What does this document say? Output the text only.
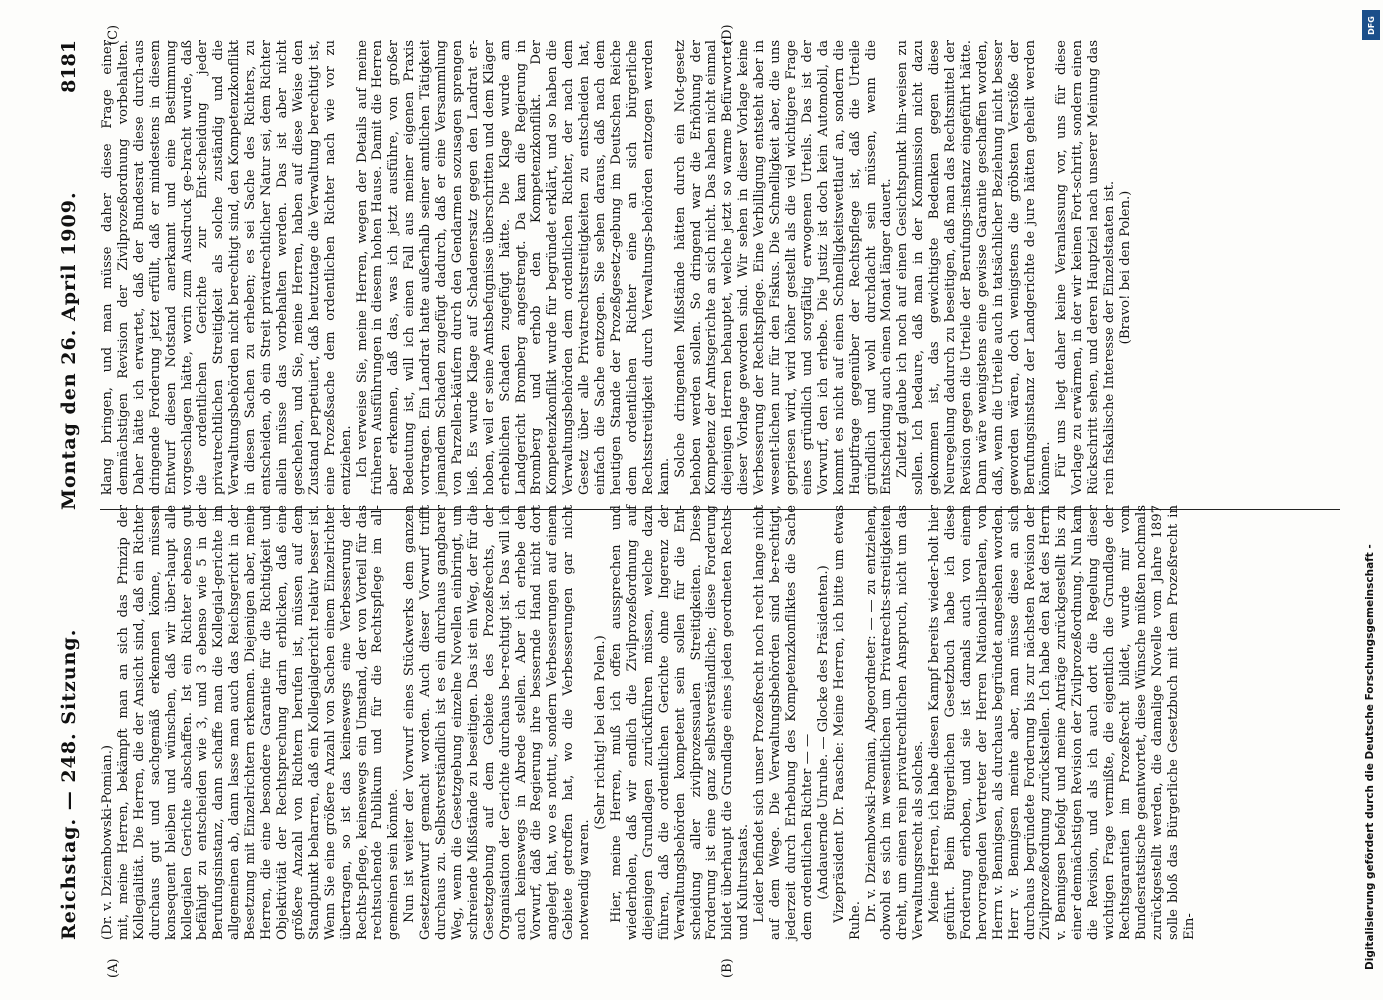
Reichstag. — 248. Sitzung.
Montag den 26. April 1909.
8181
(A)	(B)
(C)	(D)

(Dr. v. Dziembowski-Pomian.) mit, meine Herren, bekämpft man an sich das Prinzip der Kollegialität. Die Herren, die der Ansicht sind, daß ein Richter durchaus gut und sachgemäß erkennen könne, müssen konsequent bleiben und wünschen, daß wir über-haupt alle kollegialen Gerichte abschaffen. Ist ein Richter ebenso gut befähigt zu entscheiden wie 3, und 3 ebenso wie 5 in der Berufungsinstanz, dann schaffe man die Kollegial-gerichte im allgemeinen ab, dann lasse man auch das Reichsgericht in der Besetzung mit Einzelrichtern erkennen. Diejenigen aber, meine Herren, die eine besondere Garantie für die Richtigkeit und Objektivität der Rechtsprechung darin erblicken, daß eine größere Anzahl von Richtern berufen ist, müssen auf dem Standpunkt beharren, daß ein Kollegialgericht relativ besser ist. Wenn Sie eine größere Anzahl von Sachen einem Einzelrichter übertragen, so ist das keineswegs eine Verbesserung der Rechts-pflege, keineswegs ein Umstand, der von Vorteil für das rechtsuchende Publikum und für die Rechtspflege im all-gemeinen sein könnte. Nun ist weiter der Vorwurf eines Stückwerks dem ganzen Gesetzentwurf gemacht worden. Auch dieser Vorwurf trifft durchaus zu. Selbstverständlich ist es ein durchaus gangbarer Weg, wenn die Gesetzgebung einzelne Novellen einbringt, um schreiende Mißstände zu beseitigen. Das ist ein Weg, der für die Gesetzgebung auf dem Gebiete des Prozeßrechts, der Organisation der Gerichte durchaus be-rechtigt ist. Das will ich auch keineswegs in Abrede stellen. Aber ich erhebe den Vorwurf, daß die Regierung ihre bessernde Hand nicht dort angelegt hat, wo es nottut, sondern Verbesserungen auf einem Gebiete getroffen hat, wo die Verbesserungen gar nicht notwendig waren.

(Sehr richtig! bei den Polen.) Hier, meine Herren, muß ich offen aussprechen und wiederholen, daß wir endlich die Zivilprozeßordnung auf diejenigen Grundlagen zurückführen müssen, welche dazu führen, daß die ordentlichen Gerichte ohne Ingerenz der Verwaltungsbehörden kompetent sein sollen für die Ent-scheidung aller zivilprozessualen Streitigkeiten. Diese Forderung ist eine ganz selbstverständliche; diese Forderung bildet überhaupt die Grundlage eines jeden geordneten Rechts- und Kulturstaats. Leider befindet sich unser Prozeßrecht noch recht lange nicht auf dem Wege. Die Verwaltungsbehörden sind be-rechtigt, jederzeit durch Erhebung des Kompetenzkonfliktes die Sache dem ordentlichen Richter — — (Andauernde Unruhe. — Glocke des Präsidenten.) Vizepräsident Dr. Paasche: Meine Herren, ich bitte um etwas Ruhe. Dr. v. Dziembowski-Pomian, Abgeordneter: — — zu entziehen, obwohl es sich im wesentlichen um Privatrechts-streitigkeiten dreht, um einen rein privatrechtlichen Anspruch, nicht um das Verwaltungsrecht als solches. Meine Herren, ich habe diesen Kampf bereits wieder-holt hier geführt. Beim Bürgerlichen Gesetzbuch habe ich diese Forderung erhoben, und sie ist damals auch von einem hervorragenden Vertreter der Herren National-liberalen, von Herrn v. Bennigsen, als durchaus begründet angesehen worden. Herr v. Bennigsen meinte aber, man müsse diese an sich durchaus begründete Forderung bis zur nächsten Revision der Zivilprozeßordnung zurückstellen. Ich habe den Rat des Herrn v. Bennigsen befolgt und meine Anträge zurückgestellt bis zu einer demnächstigen Revision der Zivilprozeßordnung. Nun kam die Revision, und als ich auch dort die Regelung dieser wichtigen Frage vermißte, die eigentlich die Grundlage der Rechtsgarantien im Prozeßrecht bildet, wurde mir vom Bundesratstische geantwortet, diese Wünsche müßten nochmals zurückgestellt werden, die damalige Novelle vom Jahre 1897 solle bloß das Bürgerliche Gesetzbuch mit dem Prozeßrecht in Ein-

klang bringen, und man müsse daher diese Frage einer demnächstigen Revision der Zivilprozeßordnung vorbehalten. Daher hätte ich erwartet, daß der Bundesrat diese durch-aus dringende Forderung jetzt erfüllt, daß er mindestens in diesem Entwurf diesen Notstand anerkannt und eine Bestimmung vorgeschlagen hätte, worin zum Ausdruck ge-bracht wurde, daß die ordentlichen Gerichte zur Ent-scheidung jeder privatrechtlichen Streitigkeit als solche zuständig und die Verwaltungsbehörden nicht berechtigt sind, den Kompetenzkonflikt in diesen Sachen zu erheben; es sei Sache des Richters, zu entscheiden, ob ein Streit privatrechtlicher Natur sei, dem Richter allein müsse das vorbehalten werden. Das ist aber nicht geschehen, und Sie, meine Herren, haben auf diese Weise den Zustand perpetuiert, daß heutzutage die Verwaltung berechtigt ist, eine Prozeßsache dem ordentlichen Richter nach wie vor zu entziehen. Ich verweise Sie, meine Herren, wegen der Details auf meine früheren Ausführungen in diesem hohen Hause. Damit die Herren aber erkennen, daß das, was ich jetzt ausführe, von großer Bedeutung ist, will ich einen Fall aus meiner eigenen Praxis vortragen. Ein Landrat hatte außerhalb seiner amtlichen Tätigkeit jemandem Schaden zugefügt dadurch, daß er eine Versammlung von Parzellen-käufern durch den Gendarmen sozusagen sprengen ließ. Es wurde Klage auf Schadenersatz gegen den Landrat er-hoben, weil er seine Amtsbefugnisse überschritten und dem Kläger erheblichen Schaden zugefügt hätte. Die Klage wurde am Landgericht Bromberg angestrengt. Da kam die Regierung in Bromberg und erhob den Kompetenzkonflikt. Der Kompetenzkonflikt wurde für begründet erklärt, und so haben die Verwaltungsbehörden dem ordentlichen Richter, der nach dem Gesetz über alle Privatrechtsstreitigkeiten zu entscheiden hat, einfach die Sache entzogen. Sie sehen daraus, daß nach dem heutigen Stande der Prozeßgesetz-gebung im Deutschen Reiche dem ordentlichen Richter eine an sich bürgerliche Rechtsstreitigkeit durch Verwaltungs-behörden entzogen werden kann. Solche dringenden Mißstände hätten durch ein Not-gesetz behoben werden sollen. So dringend war die Erhöhung der Kompetenz der Amtsgerichte an sich nicht. Das haben nicht einmal diejenigen Herren behauptet, welche jetzt so warme Befürworter dieser Vorlage geworden sind. Wir sehen in dieser Vorlage keine Verbesserung der Rechtspflege. Eine Verbilligung entsteht aber in wesent-lichen nur für den Fiskus. Die Schnelligkeit aber, die uns gepriesen wird, wird höher gestellt als die viel wichtigere Frage eines gründlich und sorgfältig erwogenen Urteils. Das ist der Vorwurf, den ich erhebe. Die Justiz ist doch kein Automobil, da kommt es nicht auf einen Schnelligkeitswettlauf an, sondern die Hauptfrage gegenüber der Rechtspflege ist, daß die Urteile gründlich und wohl durchdacht sein müssen, wenn die Entscheidung auch einen Monat länger dauert. Zuletzt glaube ich noch auf einen Gesichtspunkt hin-weisen zu sollen. Ich bedaure, daß man in der Kommission nicht dazu gekommen ist, das gewichtigste Bedenken gegen diese Neuregelung dadurch zu beseitigen, daß man das Rechtsmittel der Revision gegen die Urteile der Berufungs-instanz eingeführt hätte. Dann wäre wenigstens eine gewisse Garantie geschaffen worden, daß, wenn die Urteile auch in tatsächlicher Beziehung nicht besser geworden wären, doch wenigstens die gröbsten Verstöße der Berufungsinstanz der Landgerichte de jure hätten geheilt werden können. Für uns liegt daher keine Veranlassung vor, uns für diese Vorlage zu erwärmen, in der wir keinen Fort-schritt, sondern einen Rückschritt sehen, und deren Hauptziel nach unserer Meinung das rein fiskalische Interesse der Einzelstaaten ist. (Bravo! bei den Polen.)

DFG
Digitalisierung gefördert durch die Deutsche Forschungsgemeinschaft -
